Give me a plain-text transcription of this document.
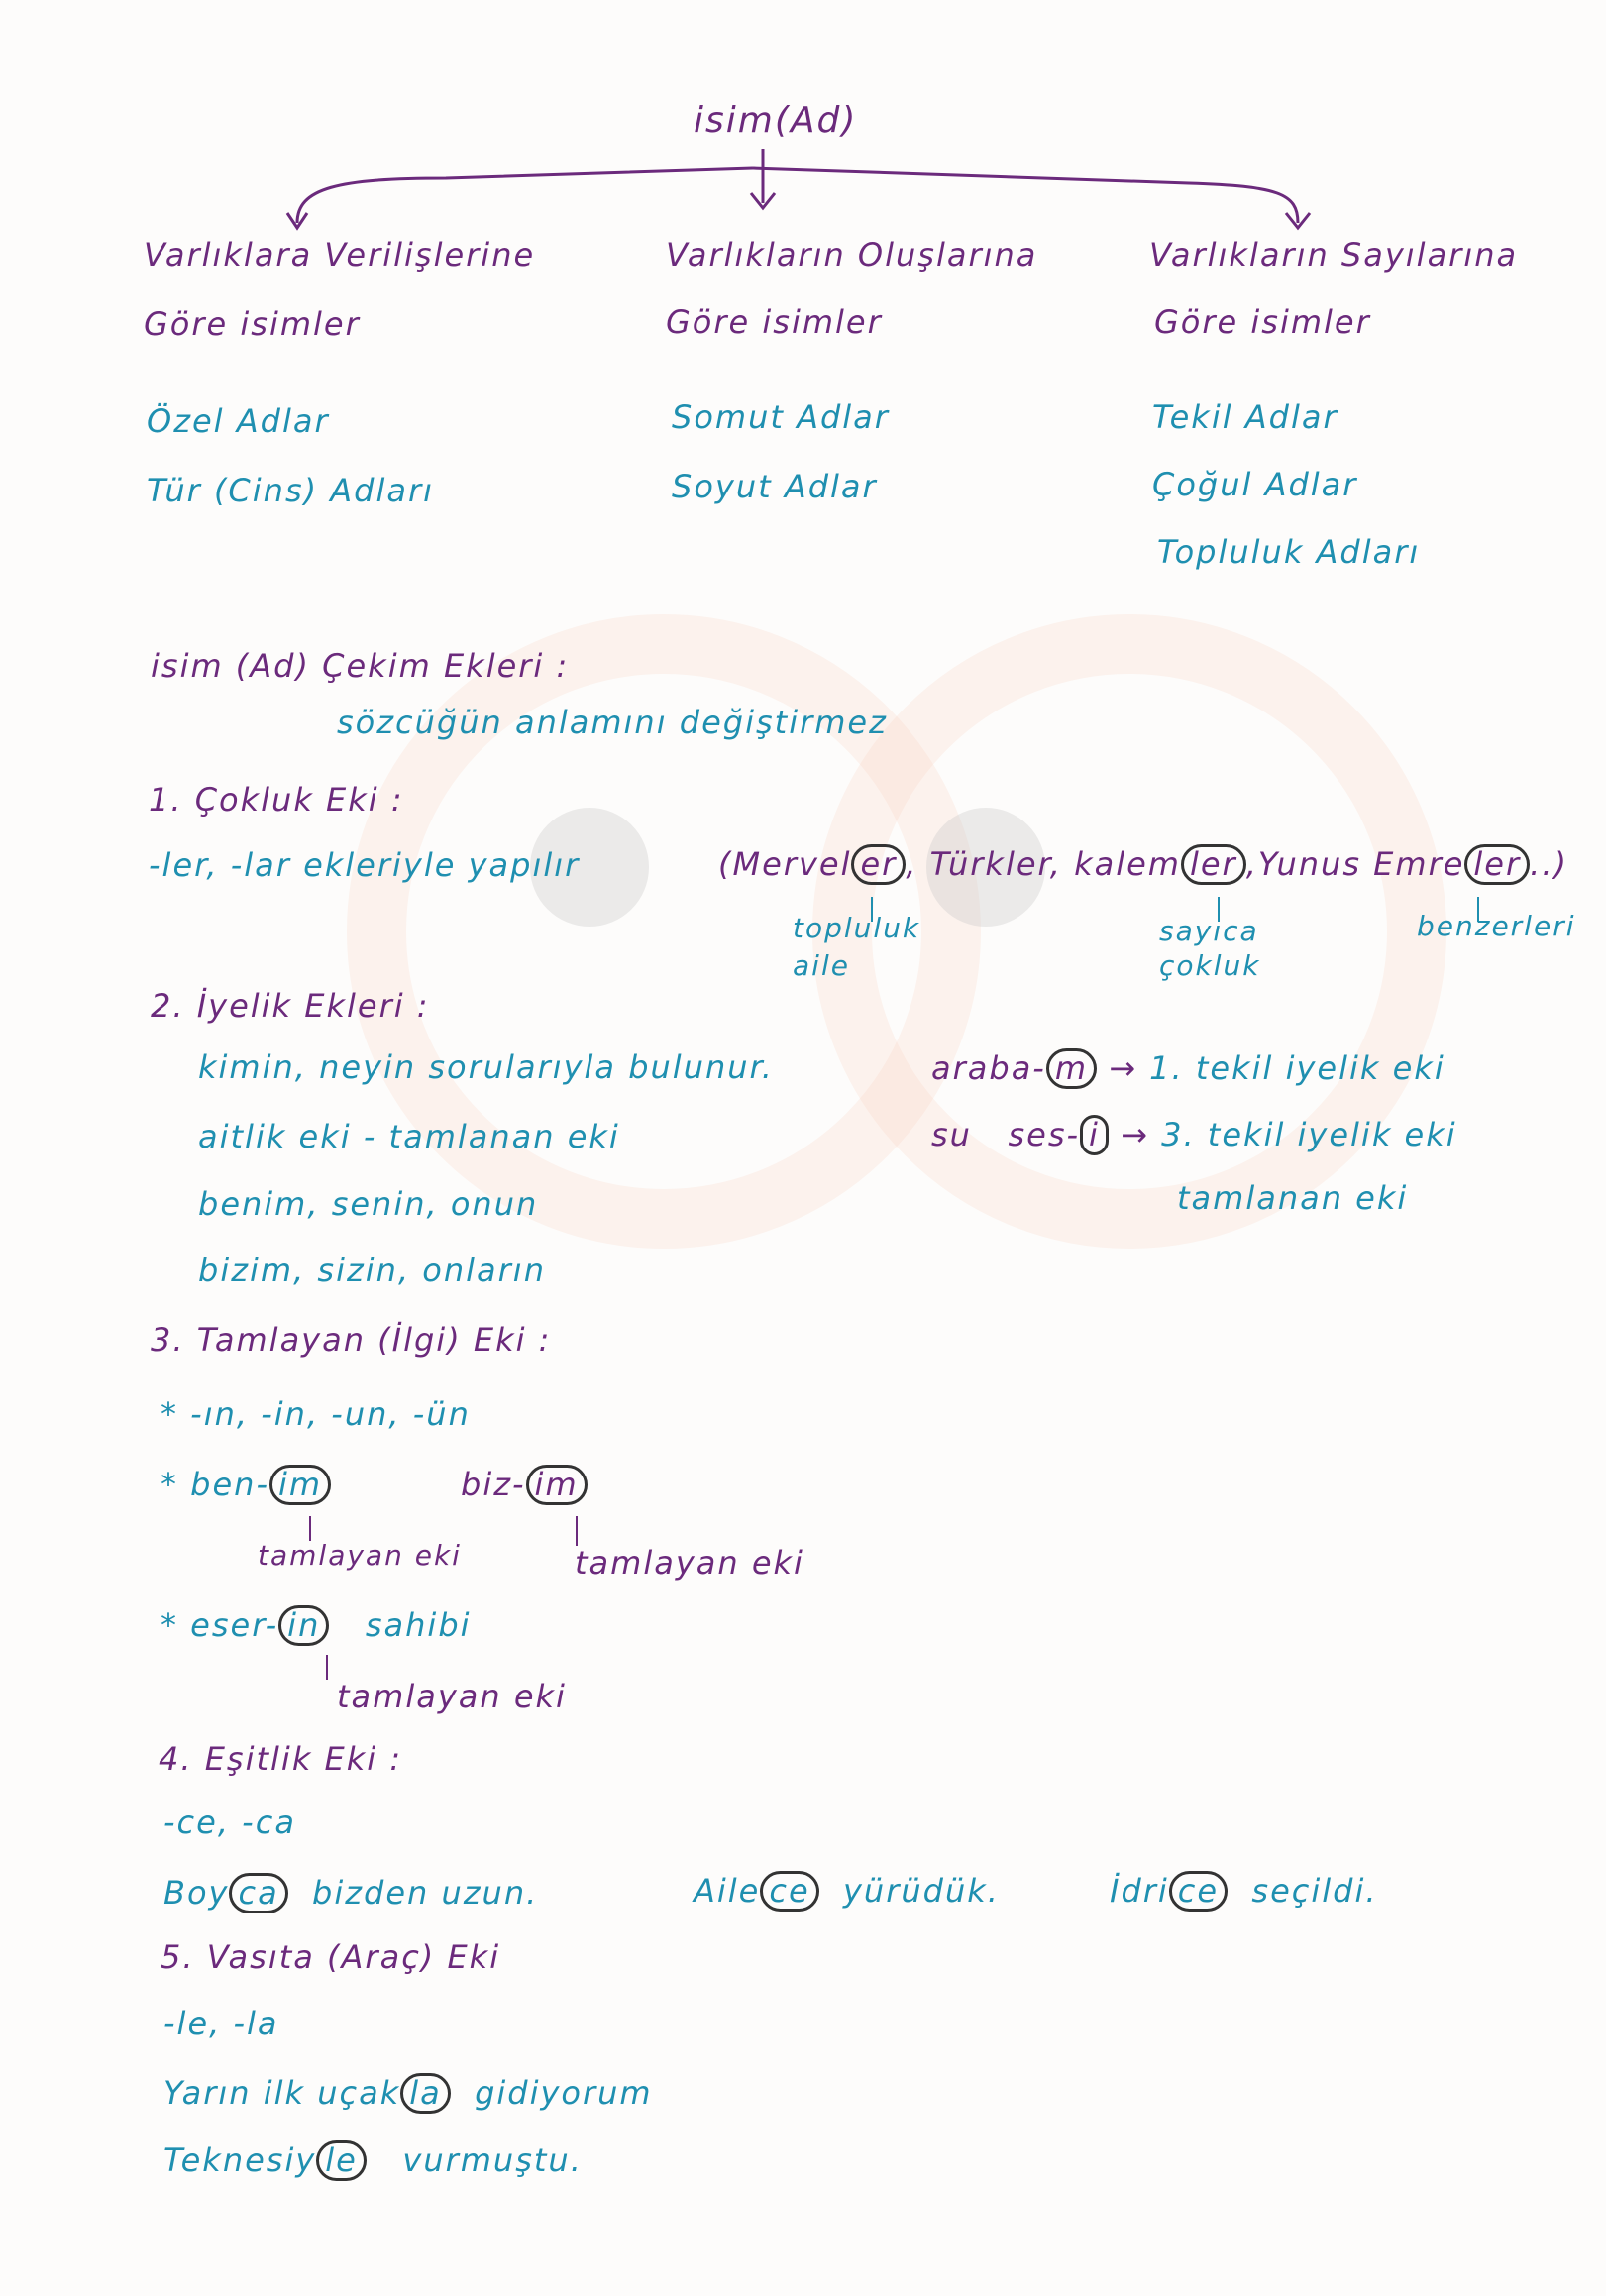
isim(Ad)
Varlıklara Verilişlerine
Göre isimler
Varlıkların Oluşlarına
Göre isimler
Varlıkların Sayılarına
Göre isimler
Özel Adlar
Tür (Cins) Adları
Somut Adlar
Soyut Adlar
Tekil Adlar
Çoğul Adlar
Topluluk Adları
isim (Ad) Çekim Ekleri :
sözcüğün anlamını değiştirmez
1. Çokluk Eki :
-ler, -lar ekleriyle yapılır	(Mervel er , Türkler, kalem ler ,Yunus Emre ler ..)
topluluk
aile
sayıca
çokluk
benzerleri
2. İyelik Ekleri :
kimin, neyin sorularıyla bulunur.
aitlik eki - tamlanan eki
benim, senin, onun
bizim, sizin, onların
araba- m → 1. tekil iyelik eki
su ses- i → 3. tekil iyelik eki
tamlanan eki
3. Tamlayan (İlgi) Eki :
* -ın, -in, -un, -ün
* ben- im	biz- im
tamlayan eki	tamlayan eki
* eser- in sahibi
tamlayan eki
4. Eşitlik Eki :
-ce, -ca
Boy ca bizden uzun.	Aile ce yürüdük.	İdri ce seçildi.
5. Vasıta (Araç) Eki
-le, -la
Yarın ilk uçak la gidiyorum
Teknesiy le vurmuştu.
